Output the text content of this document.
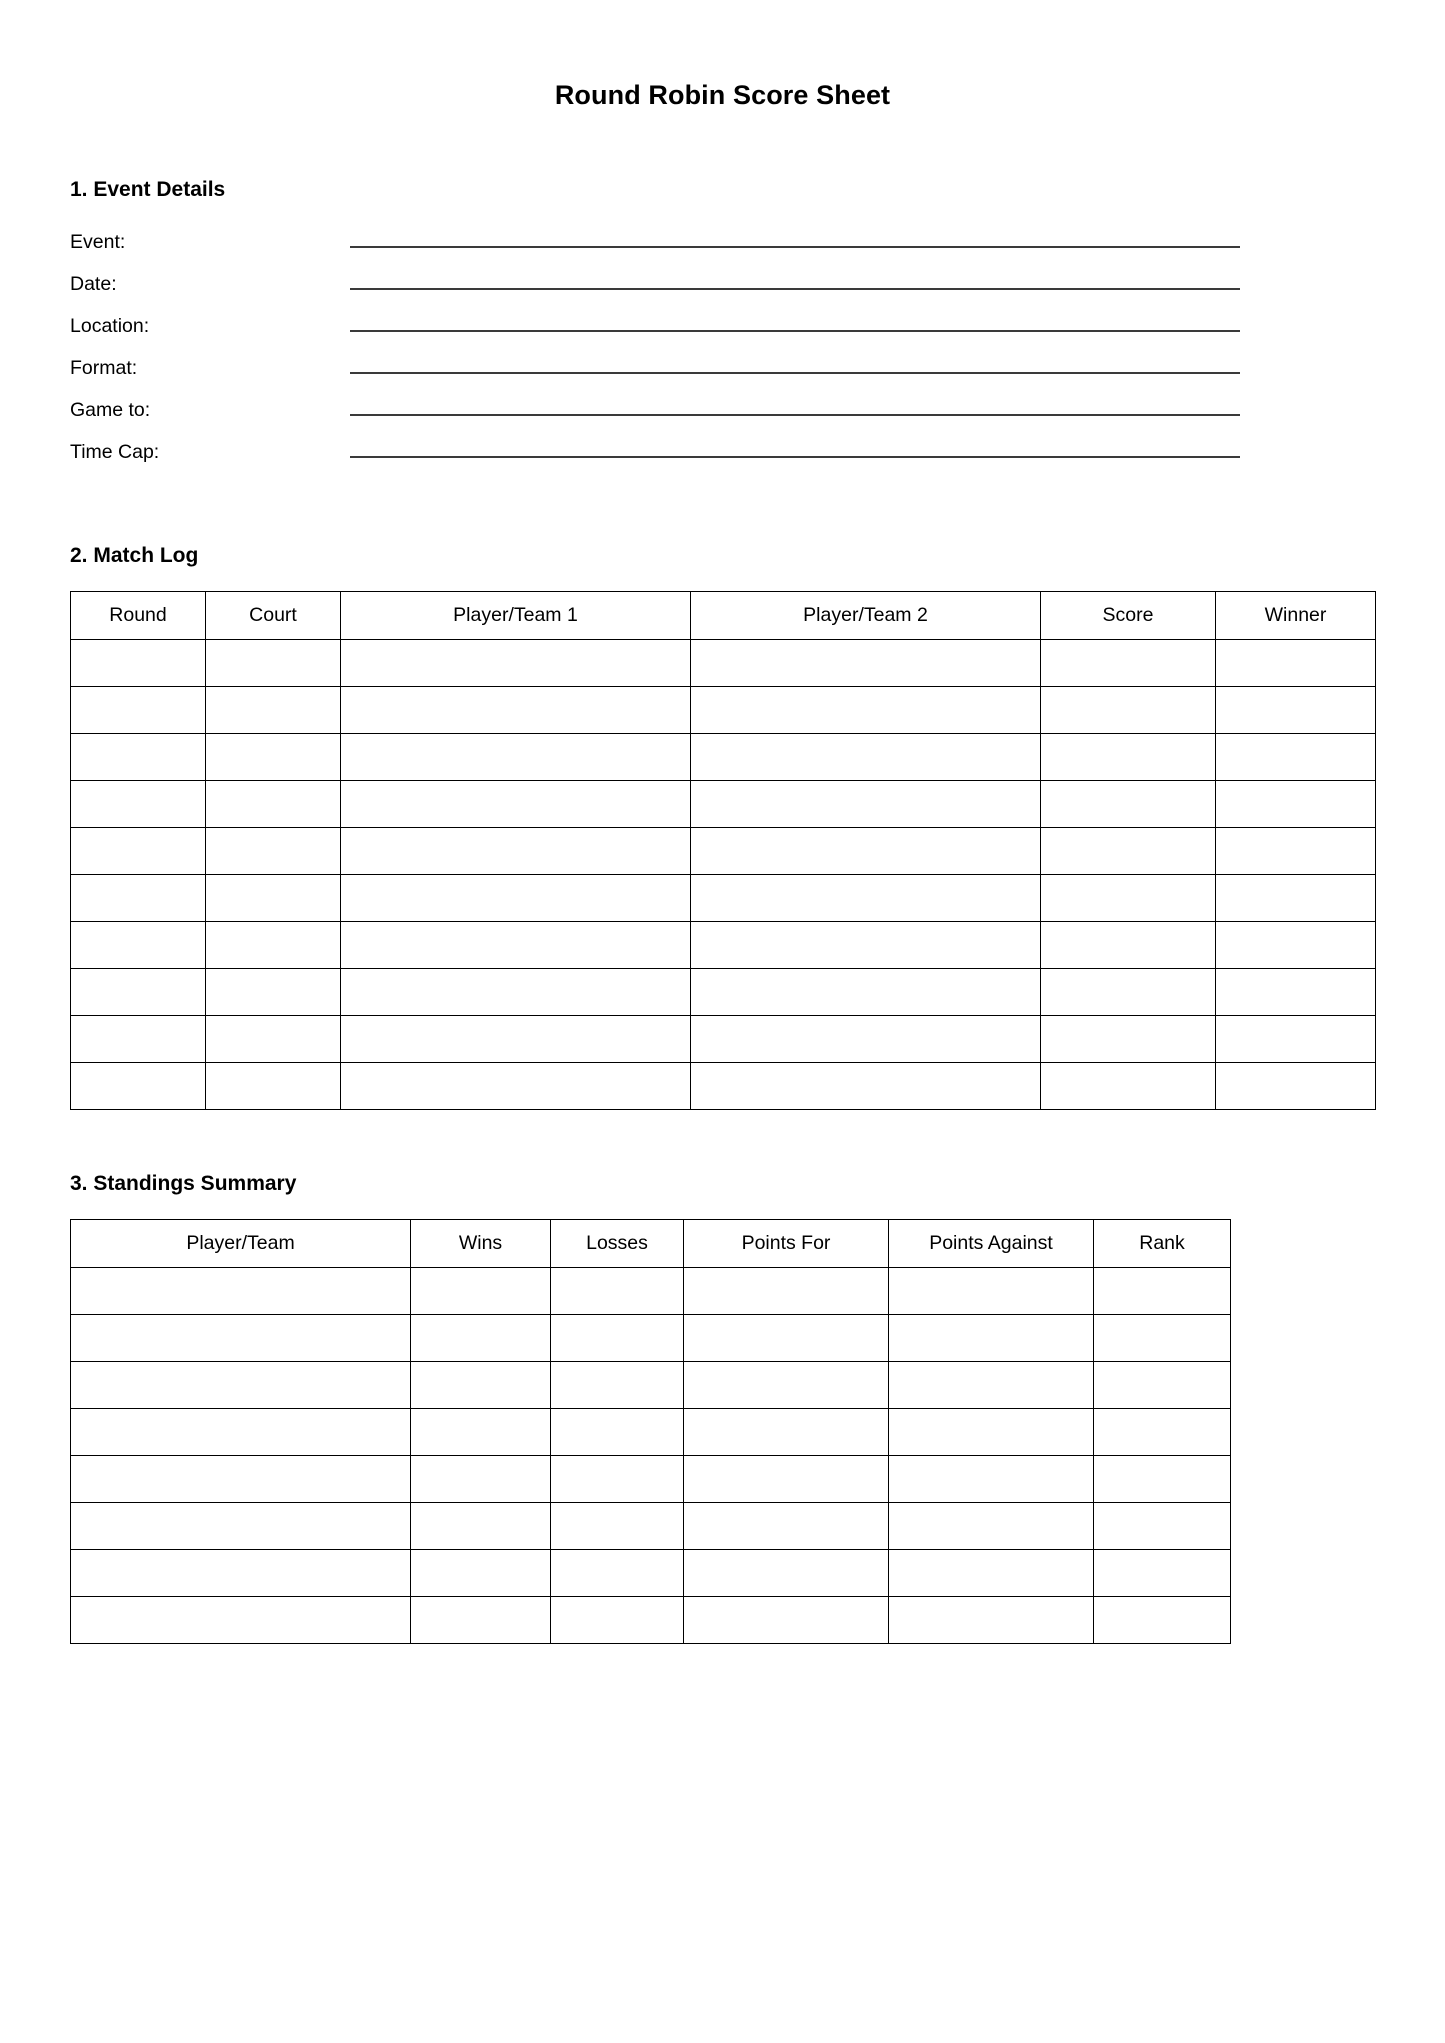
Round Robin Score Sheet
1. Event Details
Event:
Date:
Location:
Format:
Game to:
Time Cap:
2. Match Log
Round	Court	Player/Team 1	Player/Team 2	Score	Winner

3. Standings Summary
Player/Team	Wins	Losses	Points For	Points Against	Rank
